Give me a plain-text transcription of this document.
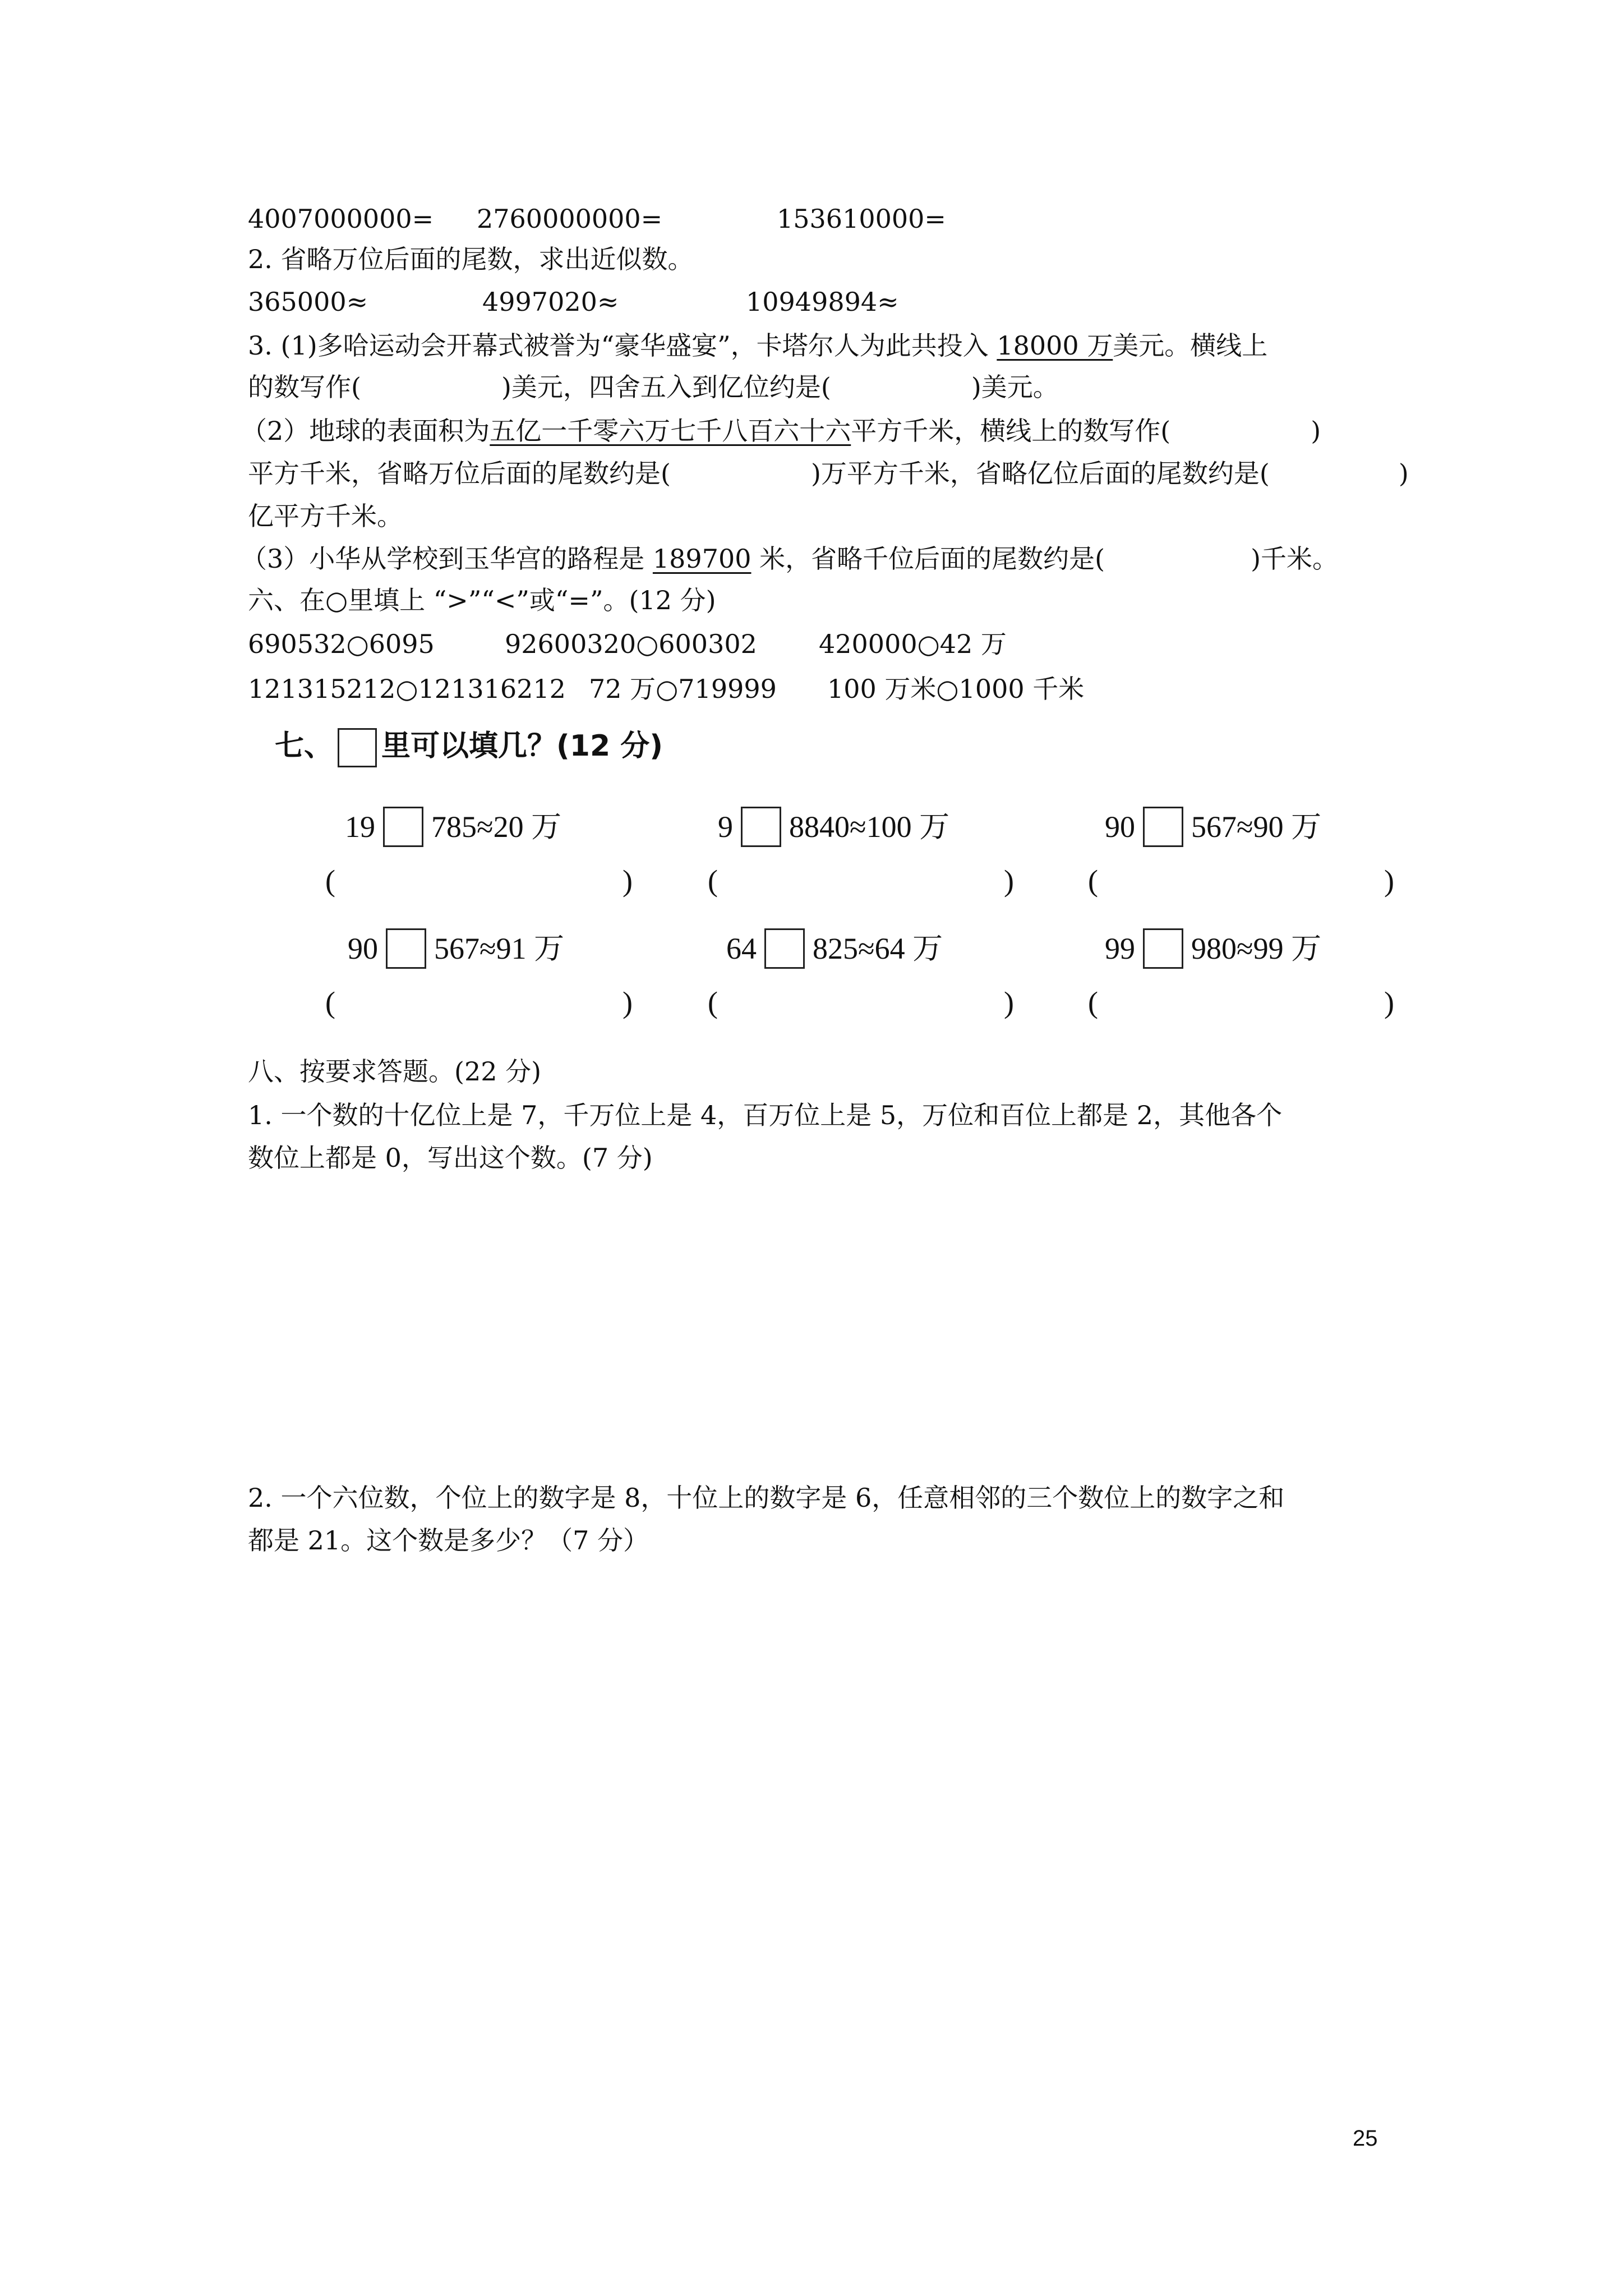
4007000000= 2760000000=	153610000=
2. 省略万位后面的尾数，求出近似数。
365000≈	4997020≈	10949894≈
3. (1)多哈运动会开幕式被誉为“豪华盛宴”，卡塔尔人为此共投入 18000 万美元。横线上
的数写作(	)美元，四舍五入到亿位约是(	)美元。
（2）地球的表面积为五亿一千零六万七千八百六十六平方千米，横线上的数写作(	)
平方千米，省略万位后面的尾数约是(	)万平方千米，省略亿位后面的尾数约是(	)
亿平方千米。
（3）小华从学校到玉华宫的路程是 189700 米，省略千位后面的尾数约是(	)千米。
六、在○里填上 “>”“<”或“=”。(12 分)
690532○6095	92600320○600302 420000○42 万
121315212○121316212 72 万○719999 100 万米○1000 千米
七、 里可以填几？(12 分)
19 785≈20 万	9 8840≈100 万	90 567≈90 万
(	) (	) (	)
90 567≈91 万	64 825≈64 万	99 980≈99 万
(	) (	) (	)
八、按要求答题。(22 分)
1. 一个数的十亿位上是 7，千万位上是 4，百万位上是 5，万位和百位上都是 2，其他各个
数位上都是 0，写出这个数。(7 分)
2. 一个六位数，个位上的数字是 8，十位上的数字是 6，任意相邻的三个数位上的数字之和
都是 21。这个数是多少？（7 分）
25
